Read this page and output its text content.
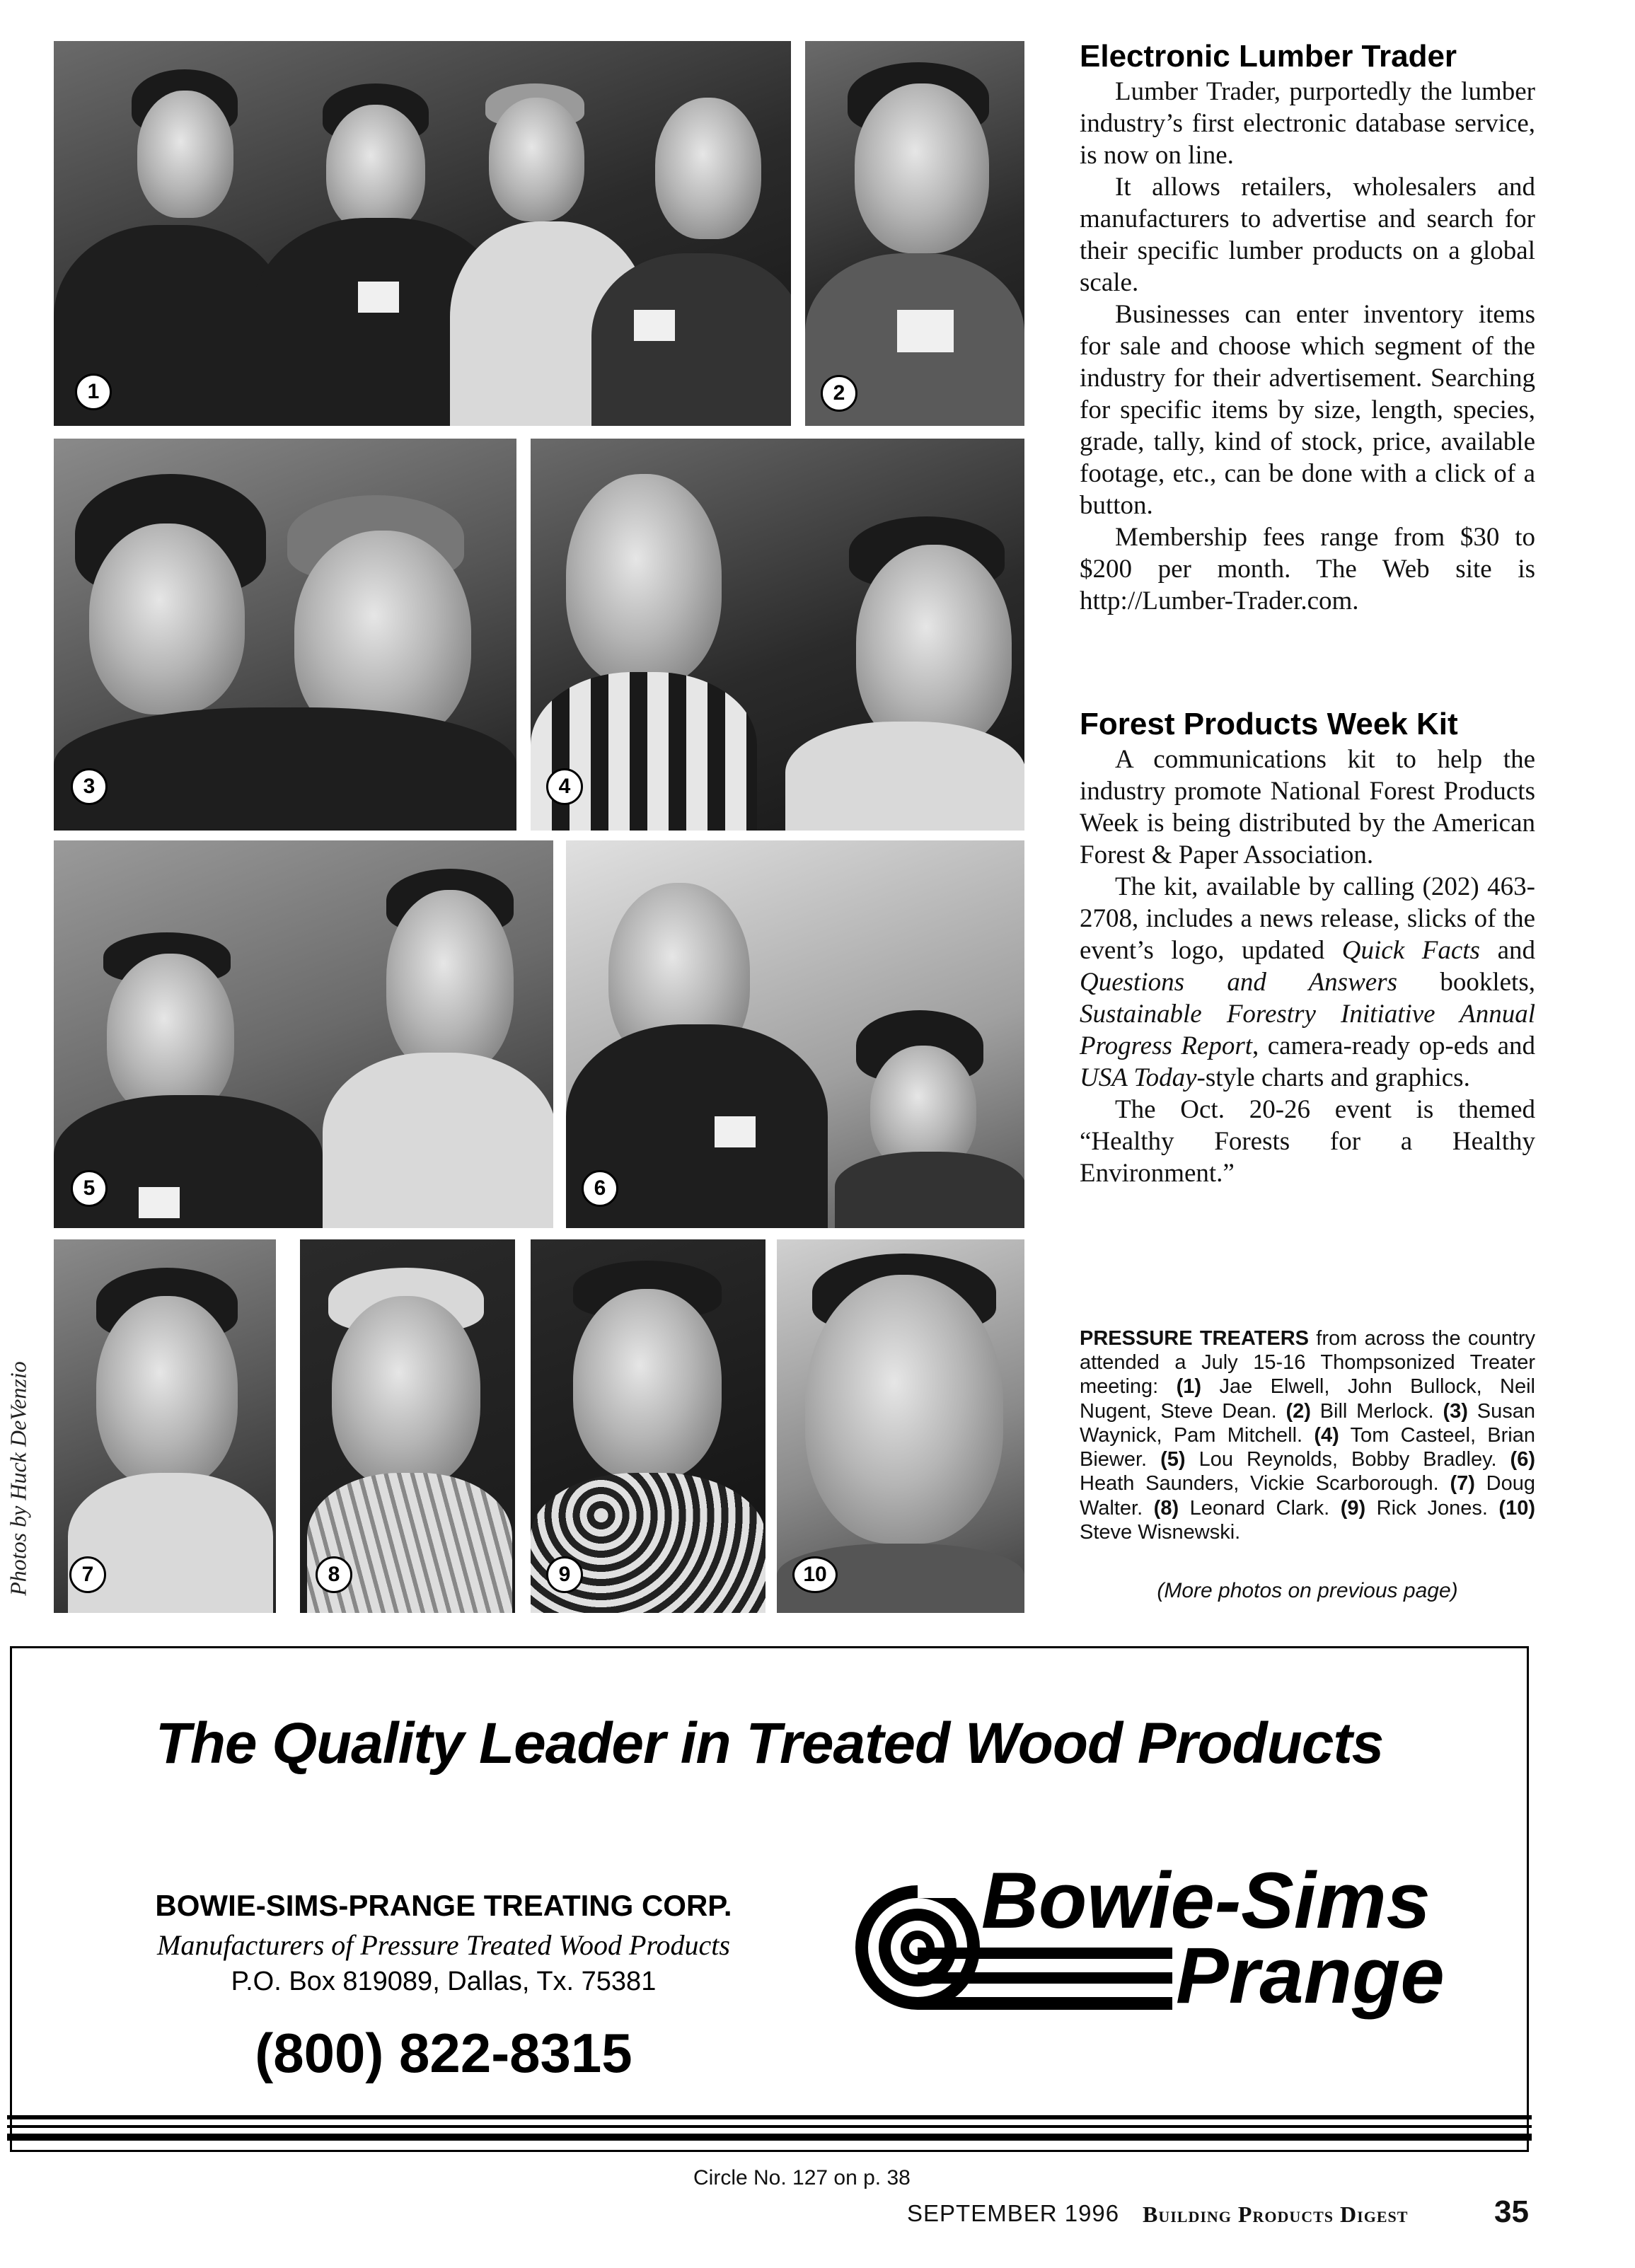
Photos by Huck DeVenzio
1	2
3	4
5	6
7	8	9	10
Electronic Lumber Trader

Lumber Trader, purportedly the lumber industry’s first electronic database service, is now on line.

It allows retailers, wholesalers and manufacturers to advertise and search for their specific lumber products on a global scale.

Businesses can enter inventory items for sale and choose which segment of the industry for their advertisement. Searching for specific items by size, length, species, grade, tally, kind of stock, price, available footage, etc., can be done with a click of a button.

Membership fees range from $30 to $200 per month. The Web site is http://Lumber-Trader.com.

Forest Products Week Kit

A communications kit to help the industry promote National Forest Products Week is being distributed by the American Forest & Paper Association.

The kit, available by calling (202) 463-2708, includes a news release, slicks of the event’s logo, updated Quick Facts and Questions and Answers booklets, Sustainable Forestry Initiative Annual Progress Report, camera-ready op-eds and USA Today-style charts and graphics.

The Oct. 20-26 event is themed “Healthy Forests for a Healthy Environment.”

PRESSURE TREATERS from across the country attended a July 15-16 Thompsonized Treater meeting: (1) Jae Elwell, John Bullock, Neil Nugent, Steve Dean. (2) Bill Merlock. (3) Susan Waynick, Pam Mitchell. (4) Tom Casteel, Brian Biewer. (5) Lou Reynolds, Bobby Bradley. (6) Heath Saunders, Vickie Scarborough. (7) Doug Walter. (8) Leonard Clark. (9) Rick Jones. (10) Steve Wisnewski.
(More photos on previous page)
The Quality Leader in Treated Wood Products
BOWIE-SIMS-PRANGE TREATING CORP.
Manufacturers of Pressure Treated Wood Products
P.O. Box 819089, Dallas, Tx. 75381
(800) 822-8315
Bowie-Sims
Prange
Circle No. 127 on p. 38
SEPTEMBER 1996 Building Products Digest	35
